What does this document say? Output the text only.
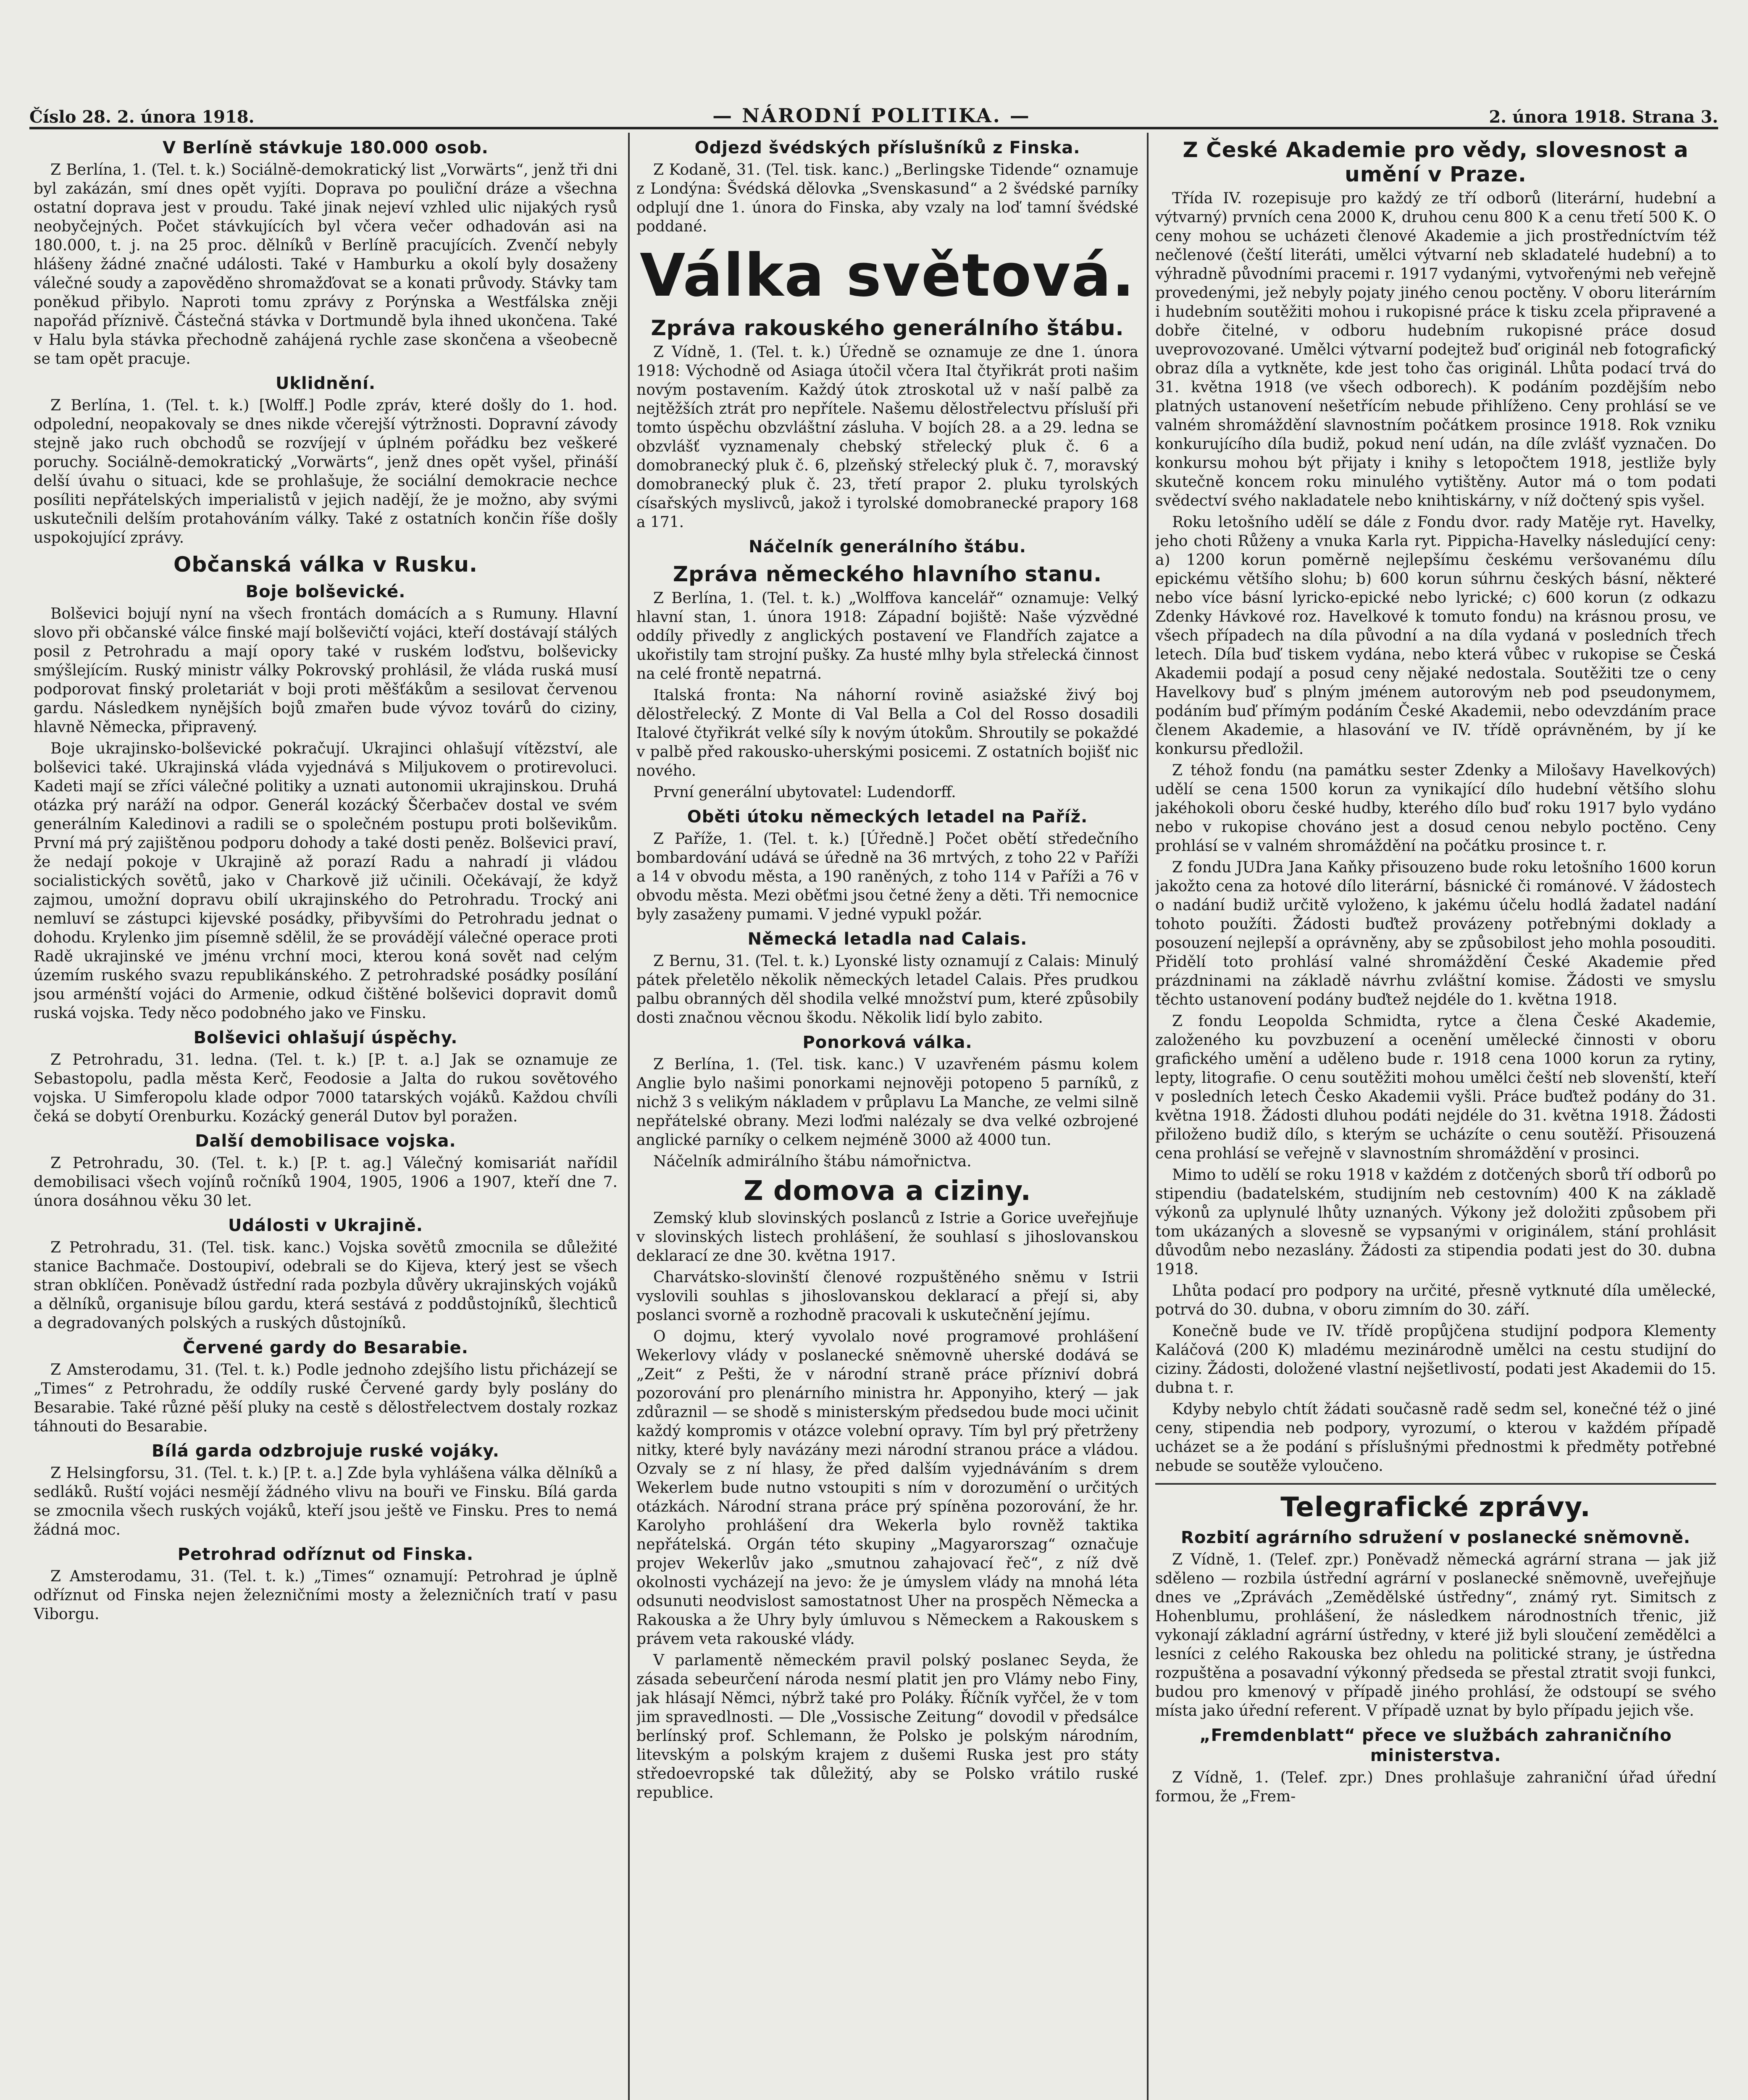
Číslo 28. 2. února 1918.	— NÁRODNÍ POLITIKA. —	2. února 1918. Strana 3.
V Berlíně stávkuje 180.000 osob.

Z Berlína, 1. (Tel. t. k.) Sociálně-demokratický list „Vorwärts“, jenž tři dni byl zakázán, smí dnes opět vyjíti. Doprava po pouliční dráze a všechna ostatní doprava jest v proudu. Také jinak nejeví vzhled ulic nijakých rysů neobyčejných. Počet stávkujících byl včera večer odhadován asi na 180.000, t. j. na 25 proc. dělníků v Berlíně pracujících. Zvenčí nebyly hlášeny žádné značné události. Také v Hamburku a okolí byly dosaženy válečné soudy a zapověděno shromažďovat se a konati průvody. Stávky tam poněkud přibylo. Naproti tomu zprávy z Porýnska a Westfálska zněji napořád příznivě. Částečná stávka v Dortmundě byla ihned ukončena. Také v Halu byla stávka přechodně zahájená rychle zase skončena a všeobecně se tam opět pracuje.

Uklidnění.

Z Berlína, 1. (Tel. t. k.) [Wolff.] Podle zpráv, které došly do 1. hod. odpolední, neopakovaly se dnes nikde včerejší výtržnosti. Dopravní závody stejně jako ruch obchodů se rozvíjejí v úplném pořádku bez veškeré poruchy. Sociálně-demokratický „Vorwärts“, jenž dnes opět vyšel, přináší delší úvahu o situaci, kde se prohlašuje, že sociální demokracie nechce posíliti nepřátelských imperialistů v jejich nadějí, že je možno, aby svými uskutečnili delším protahováním války. Také z ostatních končin říše došly uspokojující zprávy.

Občanská válka v Rusku.
Boje bolševické.

Bolševici bojují nyní na všech frontách domácích a s Rumuny. Hlavní slovo při občanské válce finské mají bolševičtí vojáci, kteří dostávají stálých posil z Petrohradu a mají opory také v ruském loďstvu, bolševicky smýšlejícím. Ruský ministr války Pokrovský prohlásil, že vláda ruská musí podporovat finský proletariát v boji proti měšťákům a sesilovat červenou gardu. Následkem nynějších bojů zmařen bude vývoz továrů do ciziny, hlavně Německa, připravený.

Boje ukrajinsko-bolševické pokračují. Ukrajinci ohlašují vítězství, ale bolševici také. Ukrajinská vláda vyjednává s Miljukovem o protirevoluci. Kadeti mají se zříci válečné politiky a uznati autonomii ukrajinskou. Druhá otázka prý naráží na odpor. Generál kozácký Ščerbačev dostal ve svém generálním Kaledinovi a radili se o společném postupu proti bolševikům. První má prý zajištěnou podporu dohody a také dosti peněz. Bolševici praví, že nedají pokoje v Ukrajině až porazí Radu a nahradí ji vládou socialistických sovětů, jako v Charkově již učinili. Očekávají, že když zajmou, umožní dopravu obilí ukrajinského do Petrohradu. Trocký ani nemluví se zástupci kijevské posádky, přibyvšími do Petrohradu jednat o dohodu. Krylenko jim písemně sdělil, že se provádějí válečné operace proti Radě ukrajinské ve jménu vrchní moci, kterou koná sovět nad celým územím ruského svazu republikánského. Z petrohradské posádky posílání jsou arménští vojáci do Armenie, odkud čištěné bolševici dopravit domů ruská vojska. Tedy něco podobného jako ve Finsku.

Bolševici ohlašují úspěchy.

Z Petrohradu, 31. ledna. (Tel. t. k.) [P. t. a.] Jak se oznamuje ze Sebastopolu, padla města Kerč, Feodosie a Jalta do rukou sovětového vojska. U Simferopolu klade odpor 7000 tatarských vojáků. Každou chvíli čeká se dobytí Orenburku. Kozácký generál Dutov byl poražen.

Další demobilisace vojska.

Z Petrohradu, 30. (Tel. t. k.) [P. t. ag.] Válečný komisariát nařídil demobilisaci všech vojínů ročníků 1904, 1905, 1906 a 1907, kteří dne 7. února dosáhnou věku 30 let.

Události v Ukrajině.

Z Petrohradu, 31. (Tel. tisk. kanc.) Vojska sovětů zmocnila se důležité stanice Bachmače. Dostoupiví, odebrali se do Kijeva, který jest se všech stran obklíčen. Poněvadž ústřední rada pozbyla důvěry ukrajinských vojáků a dělníků, organisuje bílou gardu, která sestává z poddůstojníků, šlechticů a degradovaných polských a ruských důstojníků.

Červené gardy do Besarabie.

Z Amsterodamu, 31. (Tel. t. k.) Podle jednoho zdejšího listu přicházejí se „Times“ z Petrohradu, že oddíly ruské Červené gardy byly poslány do Besarabie. Také různé pěší pluky na cestě s dělostřelectvem dostaly rozkaz táhnouti do Besarabie.

Bílá garda odzbrojuje ruské vojáky.

Z Helsingforsu, 31. (Tel. t. k.) [P. t. a.] Zde byla vyhlášena válka dělníků a sedláků. Ruští vojáci nesmějí žádného vlivu na bouři ve Finsku. Bílá garda se zmocnila všech ruských vojáků, kteří jsou ještě ve Finsku. Pres to nemá žádná moc.

Petrohrad odříznut od Finska.

Z Amsterodamu, 31. (Tel. t. k.) „Times“ oznamují: Petrohrad je úplně odříznut od Finska nejen železničními mosty a železničních tratí v pasu Viborgu.

Odjezd švédských příslušníků z Finska.

Z Kodaně, 31. (Tel. tisk. kanc.) „Berlingske Tidende“ oznamuje z Londýna: Švédská dělovka „Svenskasund“ a 2 švédské parníky odplují dne 1. února do Finska, aby vzaly na loď tamní švédské poddané.

Válka světová.
Zpráva rakouského generálního štábu.

Z Vídně, 1. (Tel. t. k.) Úředně se oznamuje ze dne 1. února 1918: Východně od Asiaga útočil včera Ital čtyřikrát proti našim novým postavením. Každý útok ztroskotal už v naší palbě za nejtěžších ztrát pro nepřítele. Našemu dělostřelectvu přísluší při tomto úspěchu obzvláštní zásluha. V bojích 28. a a 29. ledna se obzvlášť vyznamenaly chebský střelecký pluk č. 6 a domobranecký pluk č. 6, plzeňský střelecký pluk č. 7, moravský domobranecký pluk č. 23, třetí prapor 2. pluku tyrolských císařských myslivců, jakož i tyrolské domobranecké prapory 168 a 171.

Náčelník generálního štábu.
Zpráva německého hlavního stanu.

Z Berlína, 1. (Tel. t. k.) „Wolffova kancelář“ oznamuje: Velký hlavní stan, 1. února 1918: Západní bojiště: Naše výzvědné oddíly přivedly z anglických postavení ve Flandřích zajatce a ukořistily tam strojní pušky. Za husté mlhy byla střelecká činnost na celé frontě nepatrná.

Italská fronta: Na náhorní rovině asiažské živý boj dělostřelecký. Z Monte di Val Bella a Col del Rosso dosadili Italové čtyřikrát velké síly k novým útokům. Shroutily se pokaždé v palbě před rakousko-uherskými posicemi. Z ostatních bojišť nic nového.

První generální ubytovatel: Ludendorff.

Oběti útoku německých letadel na Paříž.

Z Paříže, 1. (Tel. t. k.) [Úředně.] Počet obětí středečního bombardování udává se úředně na 36 mrtvých, z toho 22 v Paříži a 14 v obvodu města, a 190 raněných, z toho 114 v Paříži a 76 v obvodu města. Mezi oběťmi jsou četné ženy a děti. Tři nemocnice byly zasaženy pumami. V jedné vypukl požár.

Německá letadla nad Calais.

Z Bernu, 31. (Tel. t. k.) Lyonské listy oznamují z Calais: Minulý pátek přeletělo několik německých letadel Calais. Přes prudkou palbu obranných děl shodila velké množství pum, které způsobily dosti značnou věcnou škodu. Několik lidí bylo zabito.

Ponorková válka.

Z Berlína, 1. (Tel. tisk. kanc.) V uzavřeném pásmu kolem Anglie bylo našimi ponorkami nejnověji potopeno 5 parníků, z nichž 3 s velikým nákladem v průplavu La Manche, ze velmi silně nepřátelské obrany. Mezi loďmi nalézaly se dva velké ozbrojené anglické parníky o celkem nejméně 3000 až 4000 tun.

Náčelník admirálního štábu námořnictva.

Z domova a ciziny.

Zemský klub slovinských poslanců z Istrie a Gorice uveřejňuje v slovinských listech prohlášení, že souhlasí s jihoslovanskou deklarací ze dne 30. května 1917.

Charvátsko-slovinští členové rozpuštěného sněmu v Istrii vyslovili souhlas s jihoslovanskou deklarací a přejí si, aby poslanci svorně a rozhodně pracovali k uskutečnění jejímu.

O dojmu, který vyvolalo nové programové prohlášení Wekerlovy vlády v poslanecké sněmovně uherské dodává se „Zeit“ z Pešti, že v národní straně práce přízniví dobrá pozorování pro plenárního ministra hr. Apponyiho, který — jak zdůraznil — se shodě s ministerským předsedou bude moci učinit každý kompromis v otázce volební opravy. Tím byl prý přetrženy nitky, které byly navázány mezi národní stranou práce a vládou. Ozvaly se z ní hlasy, že před dalším vyjednáváním s drem Wekerlem bude nutno vstoupiti s ním v dorozumění o určitých otázkách. Národní strana práce prý spíněna pozorování, že hr. Karolyho prohlášení dra Wekerla bylo rovněž taktika nepřátelská. Orgán této skupiny „Magyarorszag“ označuje projev Wekerlův jako „smutnou zahajovací řeč“, z níž dvě okolnosti vycházejí na jevo: že je úmyslem vlády na mnohá léta odsunuti neodvislost samostatnost Uher na prospěch Německa a Rakouska a že Uhry byly úmluvou s Německem a Rakouskem s právem veta rakouské vlády.

V parlamentě německém pravil polský poslanec Seyda, že zásada sebeurčení národa nesmí platit jen pro Vlámy nebo Finy, jak hlásají Němci, nýbrž také pro Poláky. Říčník vyřčel, že v tom jim spravedlnosti. — Dle „Vossische Zeitung“ dovodil v předsálce berlínský prof. Schlemann, že Polsko je polským národním, litevským a polským krajem z dušemi Ruska jest pro státy středoevropské tak důležitý, aby se Polsko vrátilo ruské republice.

Z České Akademie pro vědy, slovesnost a umění v Praze.

Třída IV. rozepisuje pro každý ze tří odborů (literární, hudební a výtvarný) prvních cena 2000 K, druhou cenu 800 K a cenu třetí 500 K. O ceny mohou se ucházeti členové Akademie a jich prostředníctvím též nečlenové (čeští literáti, umělci výtvarní neb skladatelé hudební) a to výhradně původními pracemi r. 1917 vydanými, vytvořenými neb veřejně provedenými, jež nebyly pojaty jiného cenou poctěny. V oboru literárním i hudebním soutěžiti mohou i rukopisné práce k tisku zcela připravené a dobře čitelné, v odboru hudebním rukopisné práce dosud uveprovozované. Umělci výtvarní podejtež buď originál neb fotografický obraz díla a vytkněte, kde jest toho čas originál. Lhůta podací trvá do 31. května 1918 (ve všech odborech). K podáním pozdějším nebo platných ustanovení nešetřícím nebude přihlíženo. Ceny prohlásí se ve valném shromáždění slavnostním počátkem prosince 1918. Rok vzniku konkurujícího díla budiž, pokud není udán, na díle zvlášť vyznačen. Do konkursu mohou být přijaty i knihy s letopočtem 1918, jestliže byly skutečně koncem roku minulého vytištěny. Autor má o tom podati svědectví svého nakladatele nebo knihtiskárny, v níž dočtený spis vyšel.

Roku letošního udělí se dále z Fondu dvor. rady Matěje ryt. Havelky, jeho choti Růženy a vnuka Karla ryt. Pippicha-Havelky následující ceny: a) 1200 korun poměrně nejlepšímu českému veršovanému dílu epickému většího slohu; b) 600 korun súhrnu českých básní, některé nebo více básní lyricko-epické nebo lyrické; c) 600 korun (z odkazu Zdenky Hávkové roz. Havelkové k tomuto fondu) na krásnou prosu, ve všech případech na díla původní a na díla vydaná v posledních třech letech. Díla buď tiskem vydána, nebo která vůbec v rukopise se Česká Akademii podají a posud ceny nějaké nedostala. Soutěžiti tze o ceny Havelkovy buď s plným jménem autorovým neb pod pseudonymem, podáním buď přímým podáním České Akademii, nebo odevzdáním prace členem Akademie, a hlasování ve IV. třídě oprávněném, by jí ke konkursu předložil.

Z téhož fondu (na památku sester Zdenky a Milošavy Havelkových) udělí se cena 1500 korun za vynikající dílo hudební většího slohu jakéhokoli oboru české hudby, kterého dílo buď roku 1917 bylo vydáno nebo v rukopise chováno jest a dosud cenou nebylo poctěno. Ceny prohlásí se v valném shromáždění na počátku prosince t. r.

Z fondu JUDra Jana Kaňky přisouzeno bude roku letošního 1600 korun jakožto cena za hotové dílo literární, básnické či románové. V žádostech o nadání budiž určitě vyloženo, k jakému účelu hodlá žadatel nadání tohoto použíti. Žádosti buďtež provázeny potřebnými doklady a posouzení nejlepší a oprávněny, aby se způsobilost jeho mohla posouditi. Přidělí toto prohlásí valné shromáždění České Akademie před prázdninami na základě návrhu zvláštní komise. Žádosti ve smyslu těchto ustanovení podány buďtež nejdéle do 1. května 1918.

Z fondu Leopolda Schmidta, rytce a člena České Akademie, založeného ku povzbuzení a ocenění umělecké činnosti v oboru grafického umění a uděleno bude r. 1918 cena 1000 korun za rytiny, lepty, litografie. O cenu soutěžiti mohou umělci čeští neb slovenští, kteří v posledních letech Česko Akademii vyšli. Práce buďtež podány do 31. května 1918. Žádosti dluhou podáti nejdéle do 31. května 1918. Žádosti přiloženo budiž dílo, s kterým se ucházíte o cenu soutěží. Přisouzená cena prohlásí se veřejně v slavnostním shromáždění v prosinci.

Mimo to udělí se roku 1918 v každém z dotčených sborů tří odborů po stipendiu (badatelském, studijním neb cestovním) 400 K na základě výkonů za uplynulé lhůty uznaných. Výkony jež doložiti způsobem při tom ukázaných a slovesně se vypsanými v originálem, stání prohlásit důvodům nebo nezaslány. Žádosti za stipendia podati jest do 30. dubna 1918.

Lhůta podací pro podpory na určité, přesně vytknuté díla umělecké, potrvá do 30. dubna, v oboru zimním do 30. září.

Konečně bude ve IV. třídě propůjčena studijní podpora Klementy Kaláčová (200 K) mladému mezinárodně umělci na cestu studijní do ciziny. Žádosti, doložené vlastní nejšetlivostí, podati jest Akademii do 15. dubna t. r.

Kdyby nebylo chtít žádati současně radě sedm sel, konečné též o jiné ceny, stipendia neb podpory, vyrozumí, o kterou v každém případě ucházet se a že podání s příslušnými přednostmi k předměty potřebné nebude se soutěže vyloučeno.

Telegrafické zprávy.
Rozbití agrárního sdružení v poslanecké sněmovně.

Z Vídně, 1. (Telef. zpr.) Poněvadž německá agrární strana — jak již sděleno — rozbila ústřední agrární v poslanecké sněmovně, uveřejňuje dnes ve „Zprávách „Zemědělské ústředny“, známý ryt. Simitsch z Hohenblumu, prohlášení, že následkem národnostních třenic, již vykonají základní agrární ústředny, v které již byli sloučení zemědělci a lesníci z celého Rakouska bez ohledu na politické strany, je ústředna rozpuštěna a posavadní výkonný předseda se přestal ztratit svoji funkci, budou pro kmenový v případě jiného prohlásí, že odstoupí se svého místa jako úřední referent. V případě uznat by bylo případu jejich vše.

„Fremdenblatt“ přece ve službách zahraničního ministerstva.

Z Vídně, 1. (Telef. zpr.) Dnes prohlašuje zahraniční úřad úřední formou, že „Frem-
